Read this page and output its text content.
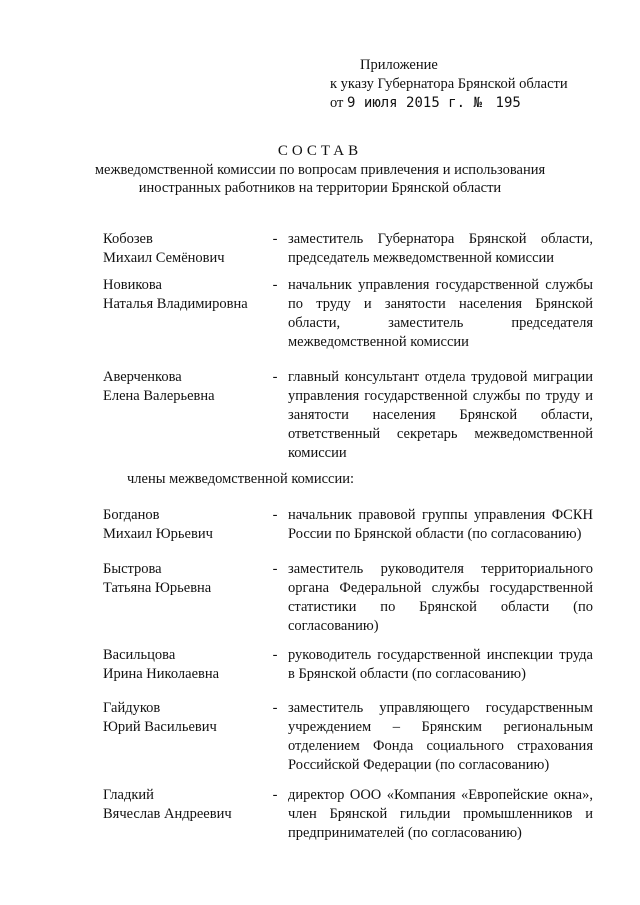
Приложение
к указу Губернатора Брянской области
от 9 июля 2015 г. № 195
СОСТАВ
межведомственной комиссии по вопросам привлечения и использования
иностранных работников на территории Брянской области
Кобозев
Михаил Семёнович
- заместитель Губернатора Брянской области, председатель межведомственной комиссии
Новикова
Наталья Владимировна
- начальник управления государственной службы по труду и занятости населения Брянской области, заместитель председателя межведомственной комиссии
Аверченкова
Елена Валерьевна
- главный консультант отдела трудовой миграции управления государственной службы по труду и занятости населения Брянской области, ответственный секретарь межведомственной комиссии
члены межведомственной комиссии:
Богданов
Михаил Юрьевич
- начальник правовой группы управления ФСКН России по Брянской области (по согласованию)
Быстрова
Татьяна Юрьевна
- заместитель руководителя территориального органа Федеральной службы государственной статистики по Брянской области (по согласованию)
Васильцова
Ирина Николаевна
- руководитель государственной инспекции труда в Брянской области (по согласованию)
Гайдуков
Юрий Васильевич
- заместитель управляющего государственным учреждением – Брянским региональным отделением Фонда социального страхования Российской Федерации (по согласованию)
Гладкий
Вячеслав Андреевич
- директор ООО «Компания «Европейские окна», член Брянской гильдии промышленников и предпринимателей (по согласованию)
